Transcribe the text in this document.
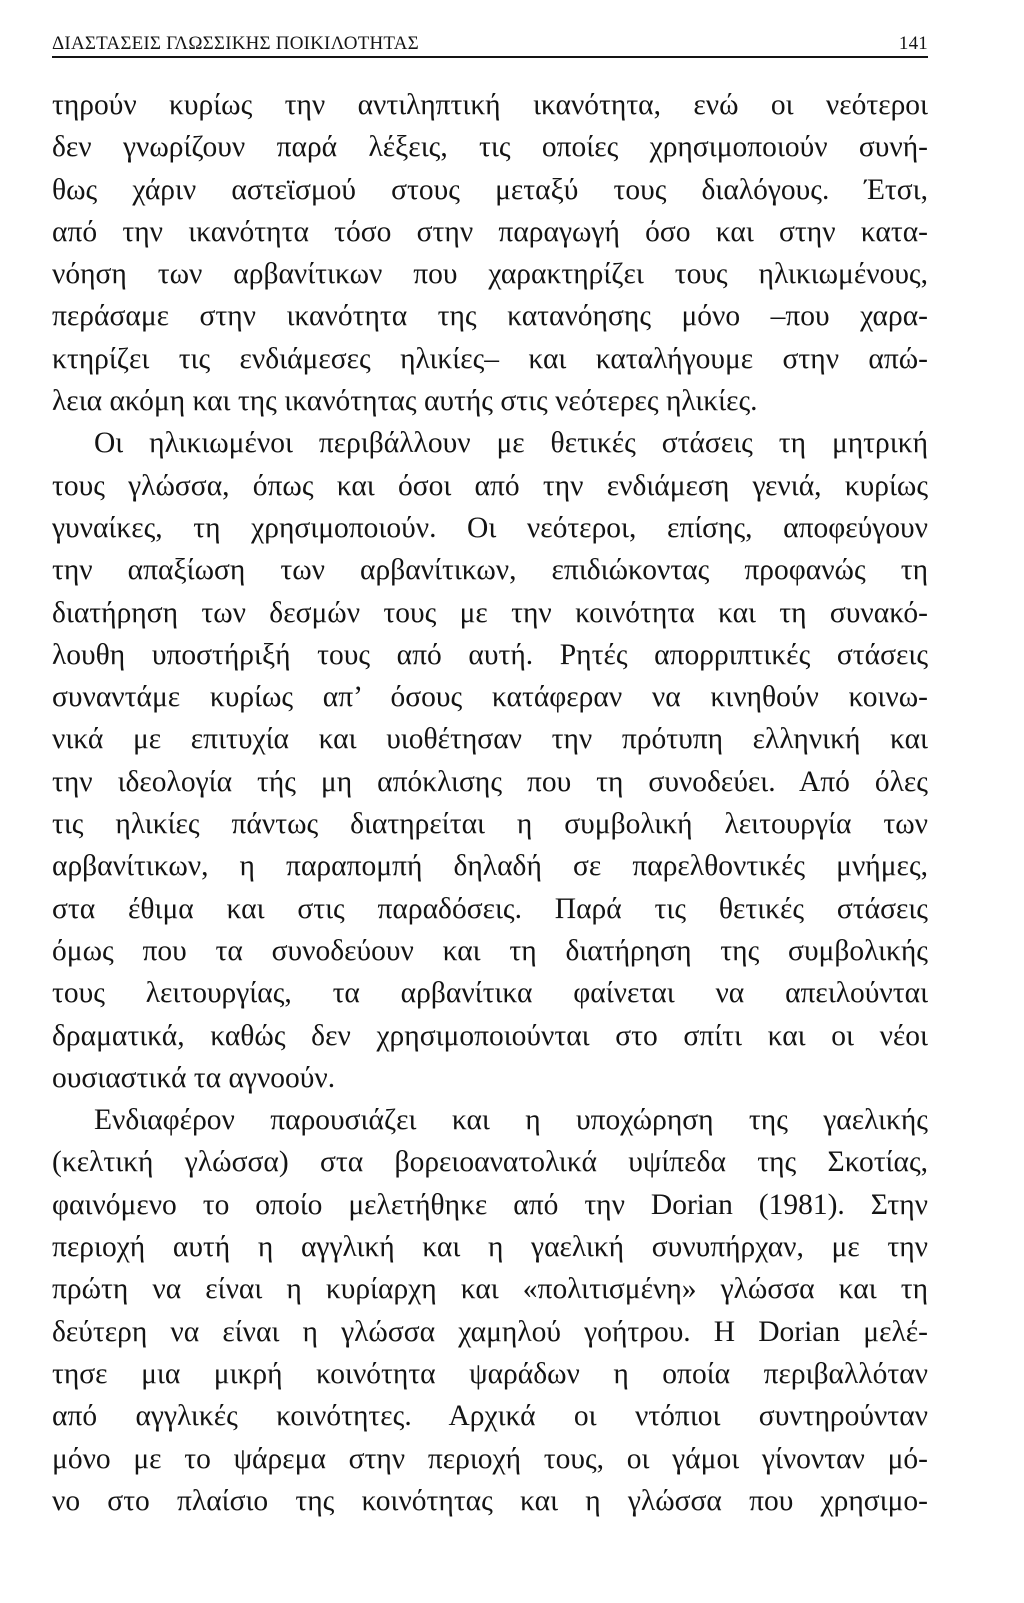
ΔΙΑΣΤΑΣΕΙΣ ΓΛΩΣΣΙΚΗΣ ΠΟΙΚΙΛΟΤΗΤΑΣ	141
τηρούν κυρίως την αντιληπτική ικανότητα, ενώ οι νεότεροι
δεν γνωρίζουν παρά λέξεις, τις οποίες χρησιμοποιούν συνή-
θως χάριν αστεϊσμού στους μεταξύ τους διαλόγους. Έτσι,
από την ικανότητα τόσο στην παραγωγή όσο και στην κατα-
νόηση των αρβανίτικων που χαρακτηρίζει τους ηλικιωμένους,
περάσαμε στην ικανότητα της κατανόησης μόνο –που χαρα-
κτηρίζει τις ενδιάμεσες ηλικίες– και καταλήγουμε στην απώ-
λεια ακόμη και της ικανότητας αυτής στις νεότερες ηλικίες.
Οι ηλικιωμένοι περιβάλλουν με θετικές στάσεις τη μητρική
τους γλώσσα, όπως και όσοι από την ενδιάμεση γενιά, κυρίως
γυναίκες, τη χρησιμοποιούν. Οι νεότεροι, επίσης, αποφεύγουν
την απαξίωση των αρβανίτικων, επιδιώκοντας προφανώς τη
διατήρηση των δεσμών τους με την κοινότητα και τη συνακό-
λουθη υποστήριξή τους από αυτή. Ρητές απορριπτικές στάσεις
συναντάμε κυρίως απ’ όσους κατάφεραν να κινηθούν κοινω-
νικά με επιτυχία και υιοθέτησαν την πρότυπη ελληνική και
την ιδεολογία τής μη απόκλισης που τη συνοδεύει. Από όλες
τις ηλικίες πάντως διατηρείται η συμβολική λειτουργία των
αρβανίτικων, η παραπομπή δηλαδή σε παρελθοντικές μνήμες,
στα έθιμα και στις παραδόσεις. Παρά τις θετικές στάσεις
όμως που τα συνοδεύουν και τη διατήρηση της συμβολικής
τους λειτουργίας, τα αρβανίτικα φαίνεται να απειλούνται
δραματικά, καθώς δεν χρησιμοποιούνται στο σπίτι και οι νέοι
ουσιαστικά τα αγνοούν.
Ενδιαφέρον παρουσιάζει και η υποχώρηση της γαελικής
(κελτική γλώσσα) στα βορειοανατολικά υψίπεδα της Σκοτίας,
φαινόμενο το οποίο μελετήθηκε από την Dorian (1981). Στην
περιοχή αυτή η αγγλική και η γαελική συνυπήρχαν, με την
πρώτη να είναι η κυρίαρχη και «πολιτισμένη» γλώσσα και τη
δεύτερη να είναι η γλώσσα χαμηλού γοήτρου. Η Dorian μελέ-
τησε μια μικρή κοινότητα ψαράδων η οποία περιβαλλόταν
από αγγλικές κοινότητες. Αρχικά οι ντόπιοι συντηρούνταν
μόνο με το ψάρεμα στην περιοχή τους, οι γάμοι γίνονταν μό-
νο στο πλαίσιο της κοινότητας και η γλώσσα που χρησιμο-
